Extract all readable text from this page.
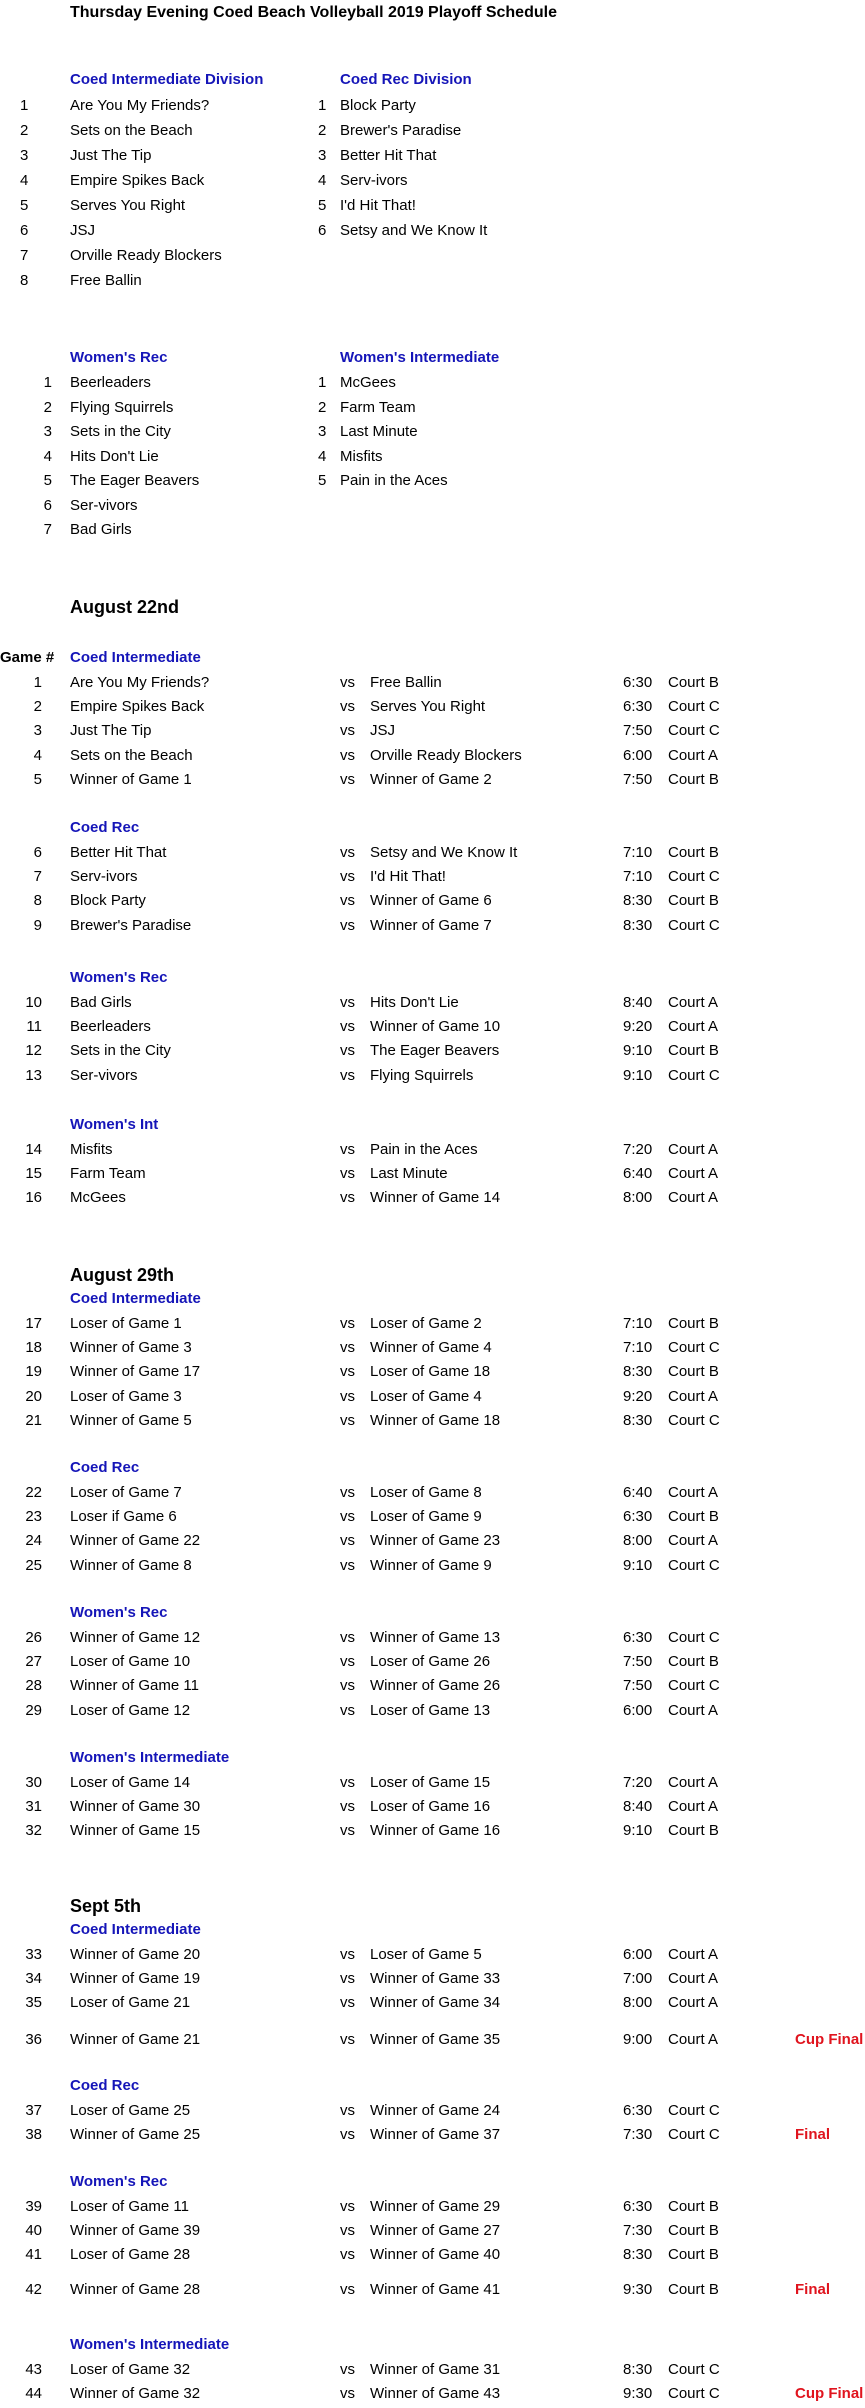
Thursday Evening Coed Beach Volleyball 2019 Playoff Schedule
Coed Intermediate Division
1	Are You My Friends?
2	Sets on the Beach
3	Just The Tip
4	Empire Spikes Back
5	Serves You Right
6	JSJ
7	Orville Ready Blockers
8	Free Ballin
Coed Rec Division
1 Block Party
2 Brewer's Paradise
3 Better Hit That
4 Serv-ivors
5 I'd Hit That!
6 Setsy and We Know It
Women's Rec
1 Beerleaders
2 Flying Squirrels
3 Sets in the City
4 Hits Don't Lie
5 The Eager Beavers
6 Ser-vivors
7 Bad Girls
Women's Intermediate
1 McGees
2 Farm Team
3 Last Minute
4 Misfits
5 Pain in the Aces
Game #
August 22nd
Coed Intermediate
1 Are You My Friends?	vs Free Ballin	6:30 Court B
2 Empire Spikes Back	vs Serves You Right	6:30 Court C
3 Just The Tip	vs JSJ	7:50 Court C
4 Sets on the Beach	vs Orville Ready Blockers	6:00 Court A
5 Winner of Game 1	vs Winner of Game 2	7:50 Court B
Coed Rec
6 Better Hit That	vs Setsy and We Know It	7:10 Court B
7 Serv-ivors	vs I'd Hit That!	7:10 Court C
8 Block Party	vs Winner of Game 6	8:30 Court B
9 Brewer's Paradise	vs Winner of Game 7	8:30 Court C
Women's Rec
10 Bad Girls	vs Hits Don't Lie	8:40 Court A
11 Beerleaders	vs Winner of Game 10	9:20 Court A
12 Sets in the City	vs The Eager Beavers	9:10 Court B
13 Ser-vivors	vs Flying Squirrels	9:10 Court C
Women's Int
14 Misfits	vs Pain in the Aces	7:20 Court A
15 Farm Team	vs Last Minute	6:40 Court A
16 McGees	vs Winner of Game 14	8:00 Court A
August 29th
Coed Intermediate
17 Loser of Game 1	vs Loser of Game 2	7:10 Court B
18 Winner of Game 3	vs Winner of Game 4	7:10 Court C
19 Winner of Game 17	vs Loser of Game 18	8:30 Court B
20 Loser of Game 3	vs Loser of Game 4	9:20 Court A
21 Winner of Game 5	vs Winner of Game 18	8:30 Court C
Coed Rec
22 Loser of Game 7	vs Loser of Game 8	6:40 Court A
23 Loser if Game 6	vs Loser of Game 9	6:30 Court B
24 Winner of Game 22	vs Winner of Game 23	8:00 Court A
25 Winner of Game 8	vs Winner of Game 9	9:10 Court C
Women's Rec
26 Winner of Game 12	vs Winner of Game 13	6:30 Court C
27 Loser of Game 10	vs Loser of Game 26	7:50 Court B
28 Winner of Game 11	vs Winner of Game 26	7:50 Court C
29 Loser of Game 12	vs Loser of Game 13	6:00 Court A
Women's Intermediate
30 Loser of Game 14	vs Loser of Game 15	7:20 Court A
31 Winner of Game 30	vs Loser of Game 16	8:40 Court A
32 Winner of Game 15	vs Winner of Game 16	9:10 Court B
Sept 5th
Coed Intermediate
33 Winner of Game 20	vs Loser of Game 5	6:00 Court A
34 Winner of Game 19	vs Winner of Game 33	7:00 Court A
35 Loser of Game 21	vs Winner of Game 34	8:00 Court A
36 Winner of Game 21	vs Winner of Game 35	9:00 Court A	Cup Final
Coed Rec
37 Loser of Game 25	vs Winner of Game 24	6:30 Court C
38 Winner of Game 25	vs Winner of Game 37	7:30 Court C	Final
Women's Rec
39 Loser of Game 11	vs Winner of Game 29	6:30 Court B
40 Winner of Game 39	vs Winner of Game 27	7:30 Court B
41 Loser of Game 28	vs Winner of Game 40	8:30 Court B
42 Winner of Game 28	vs Winner of Game 41	9:30 Court B	Final
Women's Intermediate
43 Loser of Game 32	vs Winner of Game 31	8:30 Court C
44 Winner of Game 32	vs Winner of Game 43	9:30 Court C	Cup Final
